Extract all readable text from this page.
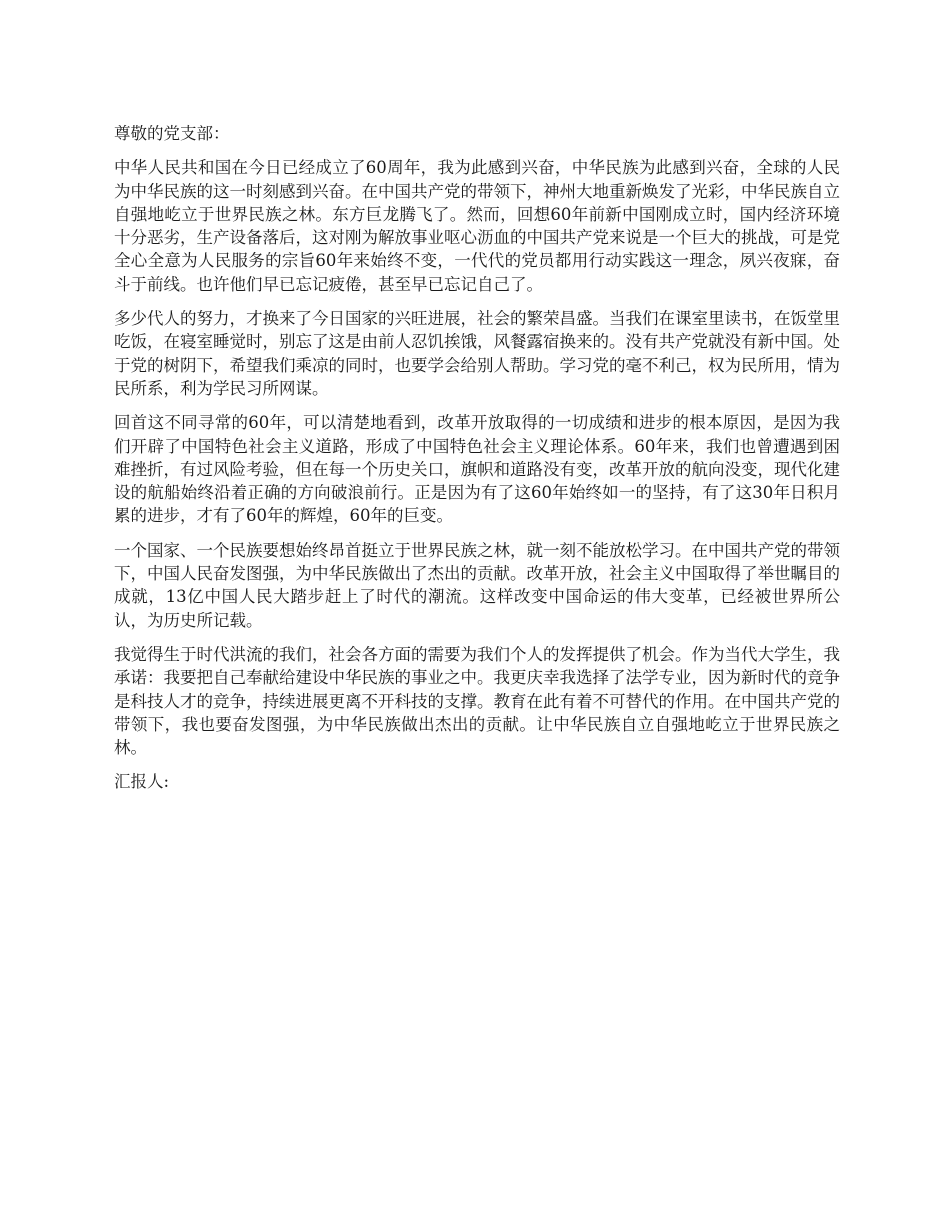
尊敬的党支部：

中华人民共和国在今日已经成立了60周年，我为此感到兴奋，中华民族为此感到兴奋，全球的人民为中华民族的这一时刻感到兴奋。在中国共产党的带领下，神州大地重新焕发了光彩，中华民族自立自强地屹立于世界民族之林。东方巨龙腾飞了。然而，回想60年前新中国刚成立时，国内经济环境十分恶劣，生产设备落后，这对刚为解放事业呕心沥血的中国共产党来说是一个巨大的挑战，可是党全心全意为人民服务的宗旨60年来始终不变，一代代的党员都用行动实践这一理念，夙兴夜寐，奋斗于前线。也许他们早已忘记疲倦，甚至早已忘记自己了。

多少代人的努力，才换来了今日国家的兴旺进展，社会的繁荣昌盛。当我们在课室里读书，在饭堂里吃饭，在寝室睡觉时，别忘了这是由前人忍饥挨饿，风餐露宿换来的。没有共产党就没有新中国。处于党的树阴下，希望我们乘凉的同时，也要学会给别人帮助。学习党的毫不利己，权为民所用，情为民所系，利为学民习所网谋。

回首这不同寻常的60年，可以清楚地看到，改革开放取得的一切成绩和进步的根本原因，是因为我们开辟了中国特色社会主义道路，形成了中国特色社会主义理论体系。60年来，我们也曾遭遇到困难挫折，有过风险考验，但在每一个历史关口，旗帜和道路没有变，改革开放的航向没变，现代化建设的航船始终沿着正确的方向破浪前行。正是因为有了这60年始终如一的坚持，有了这30年日积月累的进步，才有了60年的辉煌，60年的巨变。

一个国家、一个民族要想始终昂首挺立于世界民族之林，就一刻不能放松学习。在中国共产党的带领下，中国人民奋发图强，为中华民族做出了杰出的贡献。改革开放，社会主义中国取得了举世瞩目的成就，13亿中国人民大踏步赶上了时代的潮流。这样改变中国命运的伟大变革，已经被世界所公认，为历史所记载。

我觉得生于时代洪流的我们，社会各方面的需要为我们个人的发挥提供了机会。作为当代大学生，我承诺：我要把自己奉献给建设中华民族的事业之中。我更庆幸我选择了法学专业，因为新时代的竞争是科技人才的竞争，持续进展更离不开科技的支撑。教育在此有着不可替代的作用。在中国共产党的带领下，我也要奋发图强，为中华民族做出杰出的贡献。让中华民族自立自强地屹立于世界民族之林。

汇报人:
